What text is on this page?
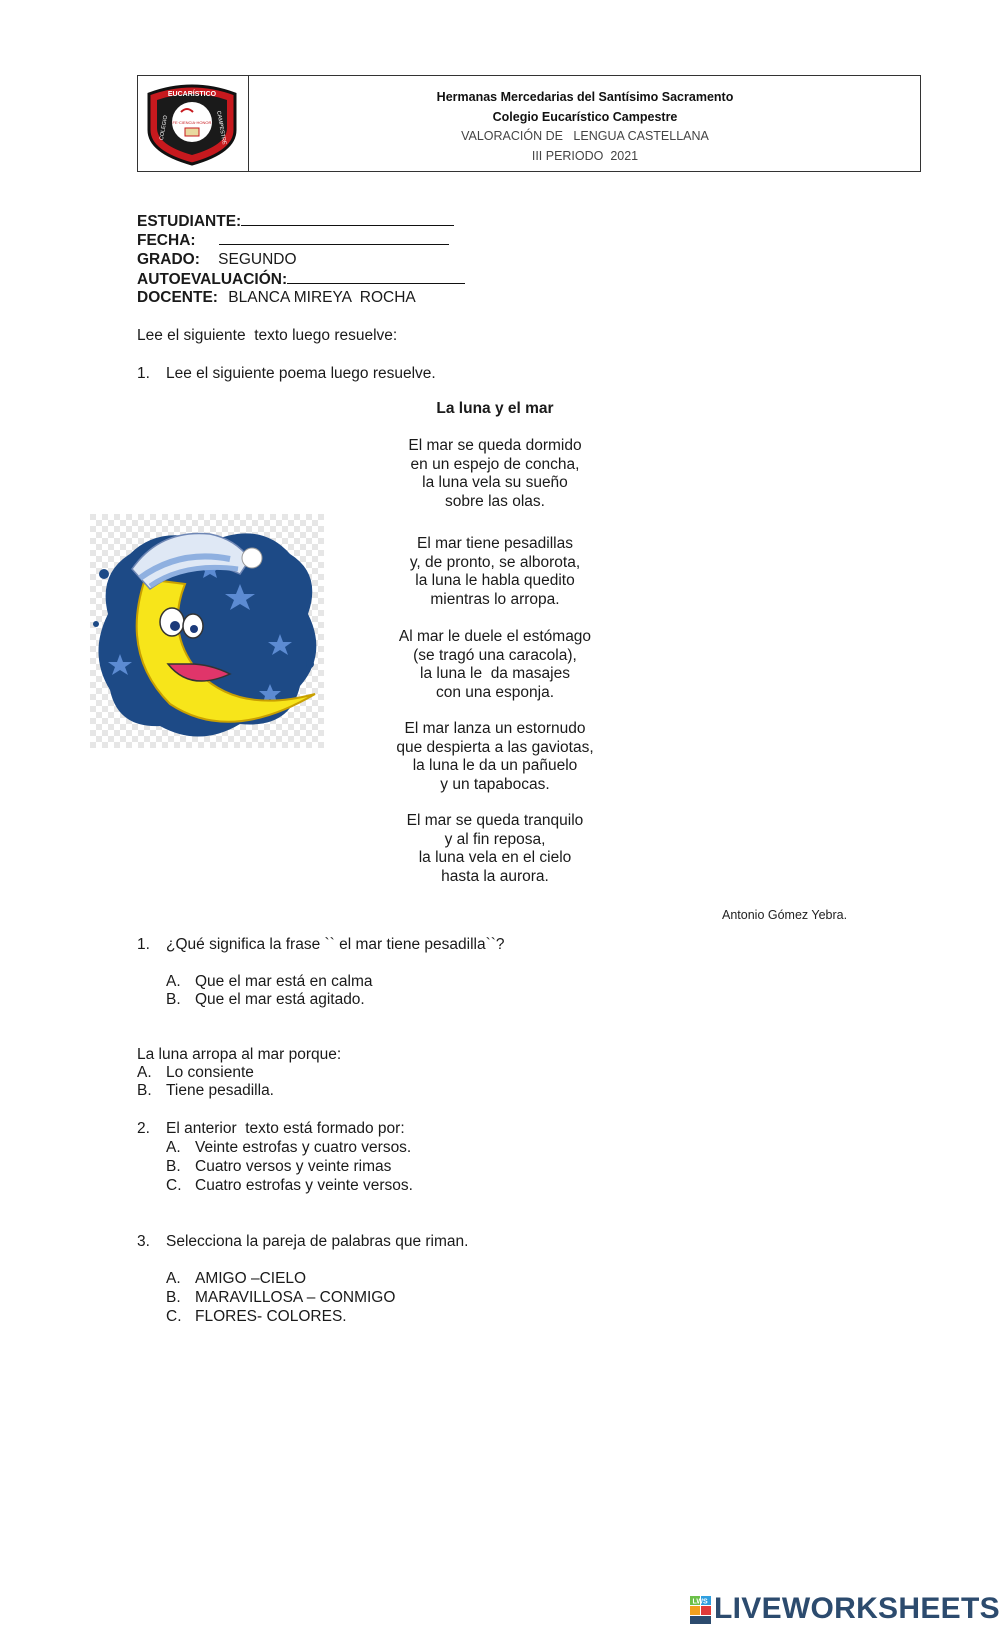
EUCARÍSTICO
COLEGIO	CAMPESTRE
FE·CIENCIA·HONOR
Hermanas Mercedarias del Santísimo Sacramento
Colegio Eucarístico Campestre
VALORACIÓN DE   LENGUA CASTELLANA
III PERIODO  2021
ESTUDIANTE:
FECHA:
GRADO: SEGUNDO
AUTOEVALUACIÓN:
DOCENTE: BLANCA MIREYA  ROCHA
Lee el siguiente  texto luego resuelve:
1. Lee el siguiente poema luego resuelve.
La luna y el mar
El mar se queda dormido
en un espejo de concha,
la luna vela su sueño
sobre las olas.
El mar tiene pesadillas
y, de pronto, se alborota,
la luna le habla quedito
mientras lo arropa.
Al mar le duele el estómago
(se tragó una caracola),
la luna le  da masajes
con una esponja.
El mar lanza un estornudo
que despierta a las gaviotas,
la luna le da un pañuelo
y un tapabocas.
El mar se queda tranquilo
y al fin reposa,
la luna vela en el cielo
hasta la aurora.
Antonio Gómez Yebra.
1. ¿Qué significa la frase `` el mar tiene pesadilla``?
A. Que el mar está en calma
B. Que el mar está agitado.
La luna arropa al mar porque:
A. Lo consiente
B. Tiene pesadilla.
2. El anterior  texto está formado por:
A. Veinte estrofas y cuatro versos.
B. Cuatro versos y veinte rimas
C. Cuatro estrofas y veinte versos.
3. Selecciona la pareja de palabras que riman.
A. AMIGO –CIELO
B. MARAVILLOSA – CONMIGO
C. FLORES- COLORES.
LWS LIVEWORKSHEETS
